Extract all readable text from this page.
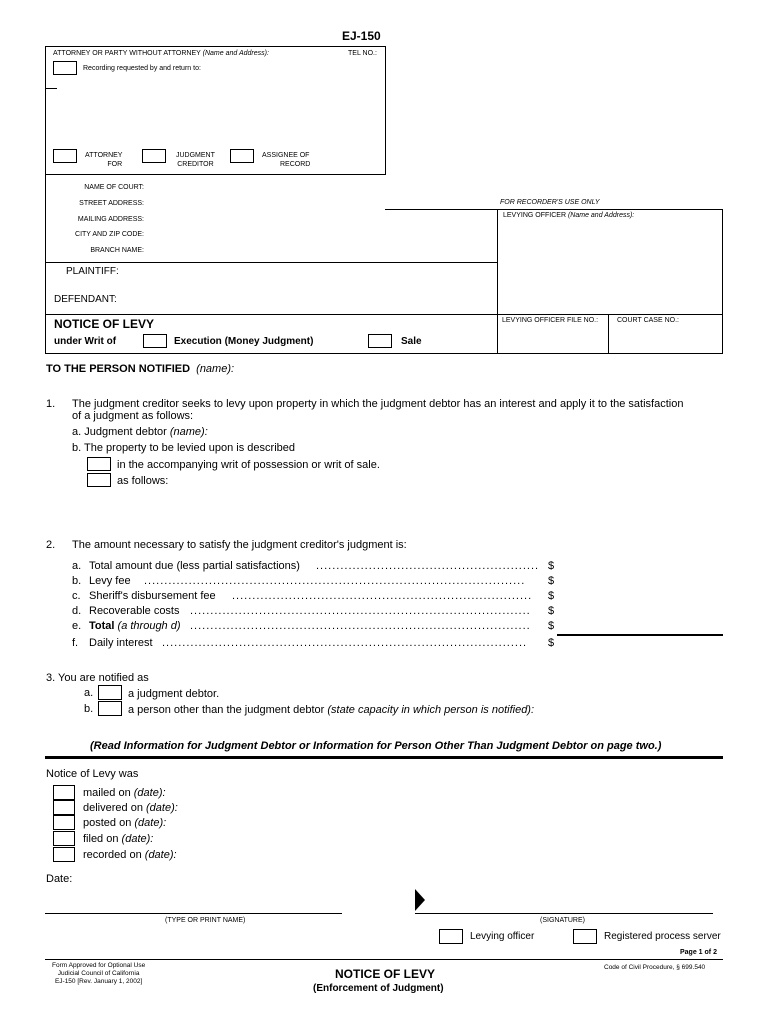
EJ-150
ATTORNEY OR PARTY WITHOUT ATTORNEY (Name and Address):	TEL NO.:
Recording requested by and return to:
ATTORNEY
FOR
JUDGMENT
CREDITOR
ASSIGNEE OF
RECORD
NAME OF COURT:
STREET ADDRESS:
MAILING ADDRESS:
CITY AND ZIP CODE:
BRANCH NAME:
FOR RECORDER'S USE ONLY
LEVYING OFFICER (Name and Address):
PLAINTIFF:
DEFENDANT:
NOTICE OF LEVY
under Writ of	Execution (Money Judgment)	Sale
LEVYING OFFICER FILE NO.:	COURT CASE NO.:
TO THE PERSON NOTIFIED (name):
1. The judgment creditor seeks to levy upon property in which the judgment debtor has an interest and apply it to the satisfaction
of a judgment as follows:
a. Judgment debtor (name):
b. The property to be levied upon is described
in the accompanying writ of possession or writ of sale.
as follows:
2. The amount necessary to satisfy the judgment creditor's judgment is:
a. Total amount due (less partial satisfactions) ....................................................... $
b. Levy fee ..............................................................................................	$
c. Sheriff's disbursement fee ..........................................................................	$
d. Recoverable costs ....................................................................................	$
e. Total (a through d) ....................................................................................	$
f. Daily interest ..........................................................................................	$
3. You are notified as
a.	a judgment debtor.
b.	a person other than the judgment debtor (state capacity in which person is notified):
(Read Information for Judgment Debtor or Information for Person Other Than Judgment Debtor on page two.)
Notice of Levy was
mailed on (date):
delivered on (date):
posted on (date):
filed on (date):
recorded on (date):
Date:
(TYPE OR PRINT NAME)	(SIGNATURE)
Levying officer	Registered process server
Page 1 of 2
Form Approved for Optional Use
Judicial Council of California
EJ-150 [Rev. January 1, 2002]
NOTICE OF LEVY
(Enforcement of Judgment)
Code of Civil Procedure, § 699.540
